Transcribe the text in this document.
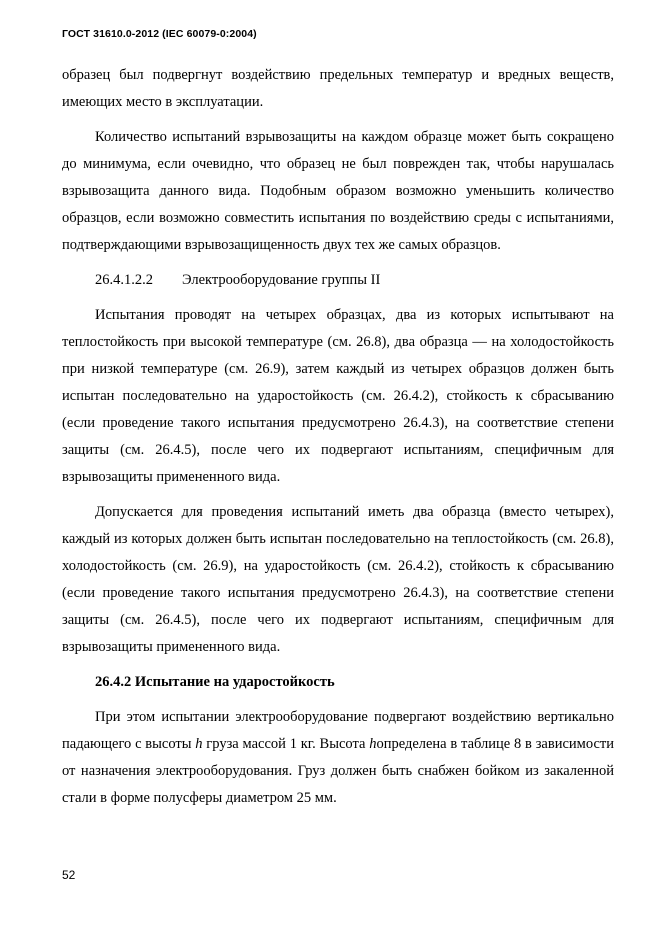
ГОСТ 31610.0-2012 (IEC 60079-0:2004)

образец был подвергнут воздействию предельных температур и вредных веществ, имеющих место в эксплуатации.

Количество испытаний взрывозащиты на каждом образце может быть сокращено до минимума, если очевидно, что образец не был поврежден так, чтобы нарушалась взрывозащита данного вида. Подобным образом возможно уменьшить количество образцов, если возможно совместить испытания по воздействию среды с испытаниями, подтверждающими взрывозащищенность двух тех же самых образцов.

26.4.1.2.2 Электрооборудование группы II

Испытания проводят на четырех образцах, два из которых испытывают на теплостойкость при высокой температуре (см. 26.8), два образца — на холодостойкость при низкой температуре (см. 26.9), затем каждый из четырех образцов должен быть испытан последовательно на ударостойкость (см. 26.4.2), стойкость к сбрасыванию (если проведение такого испытания предусмотрено 26.4.3), на соответствие степени защиты (см. 26.4.5), после чего их подвергают испытаниям, специфичным для взрывозащиты примененного вида.

Допускается для проведения испытаний иметь два образца (вместо четырех), каждый из которых должен быть испытан последовательно на теплостойкость (см. 26.8), холодостойкость (см. 26.9), на ударостойкость (см. 26.4.2), стойкость к сбрасыванию (если проведение такого испытания предусмотрено 26.4.3), на соответствие степени защиты (см. 26.4.5), после чего их подвергают испытаниям, специфичным для взрывозащиты примененного вида.

26.4.2 Испытание на ударостойкость

При этом испытании электрооборудование подвергают воздействию вертикально падающего с высоты h груза массой 1 кг. Высота hопределена в таблице 8 в зависимости от назначения электрооборудования. Груз должен быть снабжен бойком из закаленной стали в форме полусферы диаметром 25 мм.

52
